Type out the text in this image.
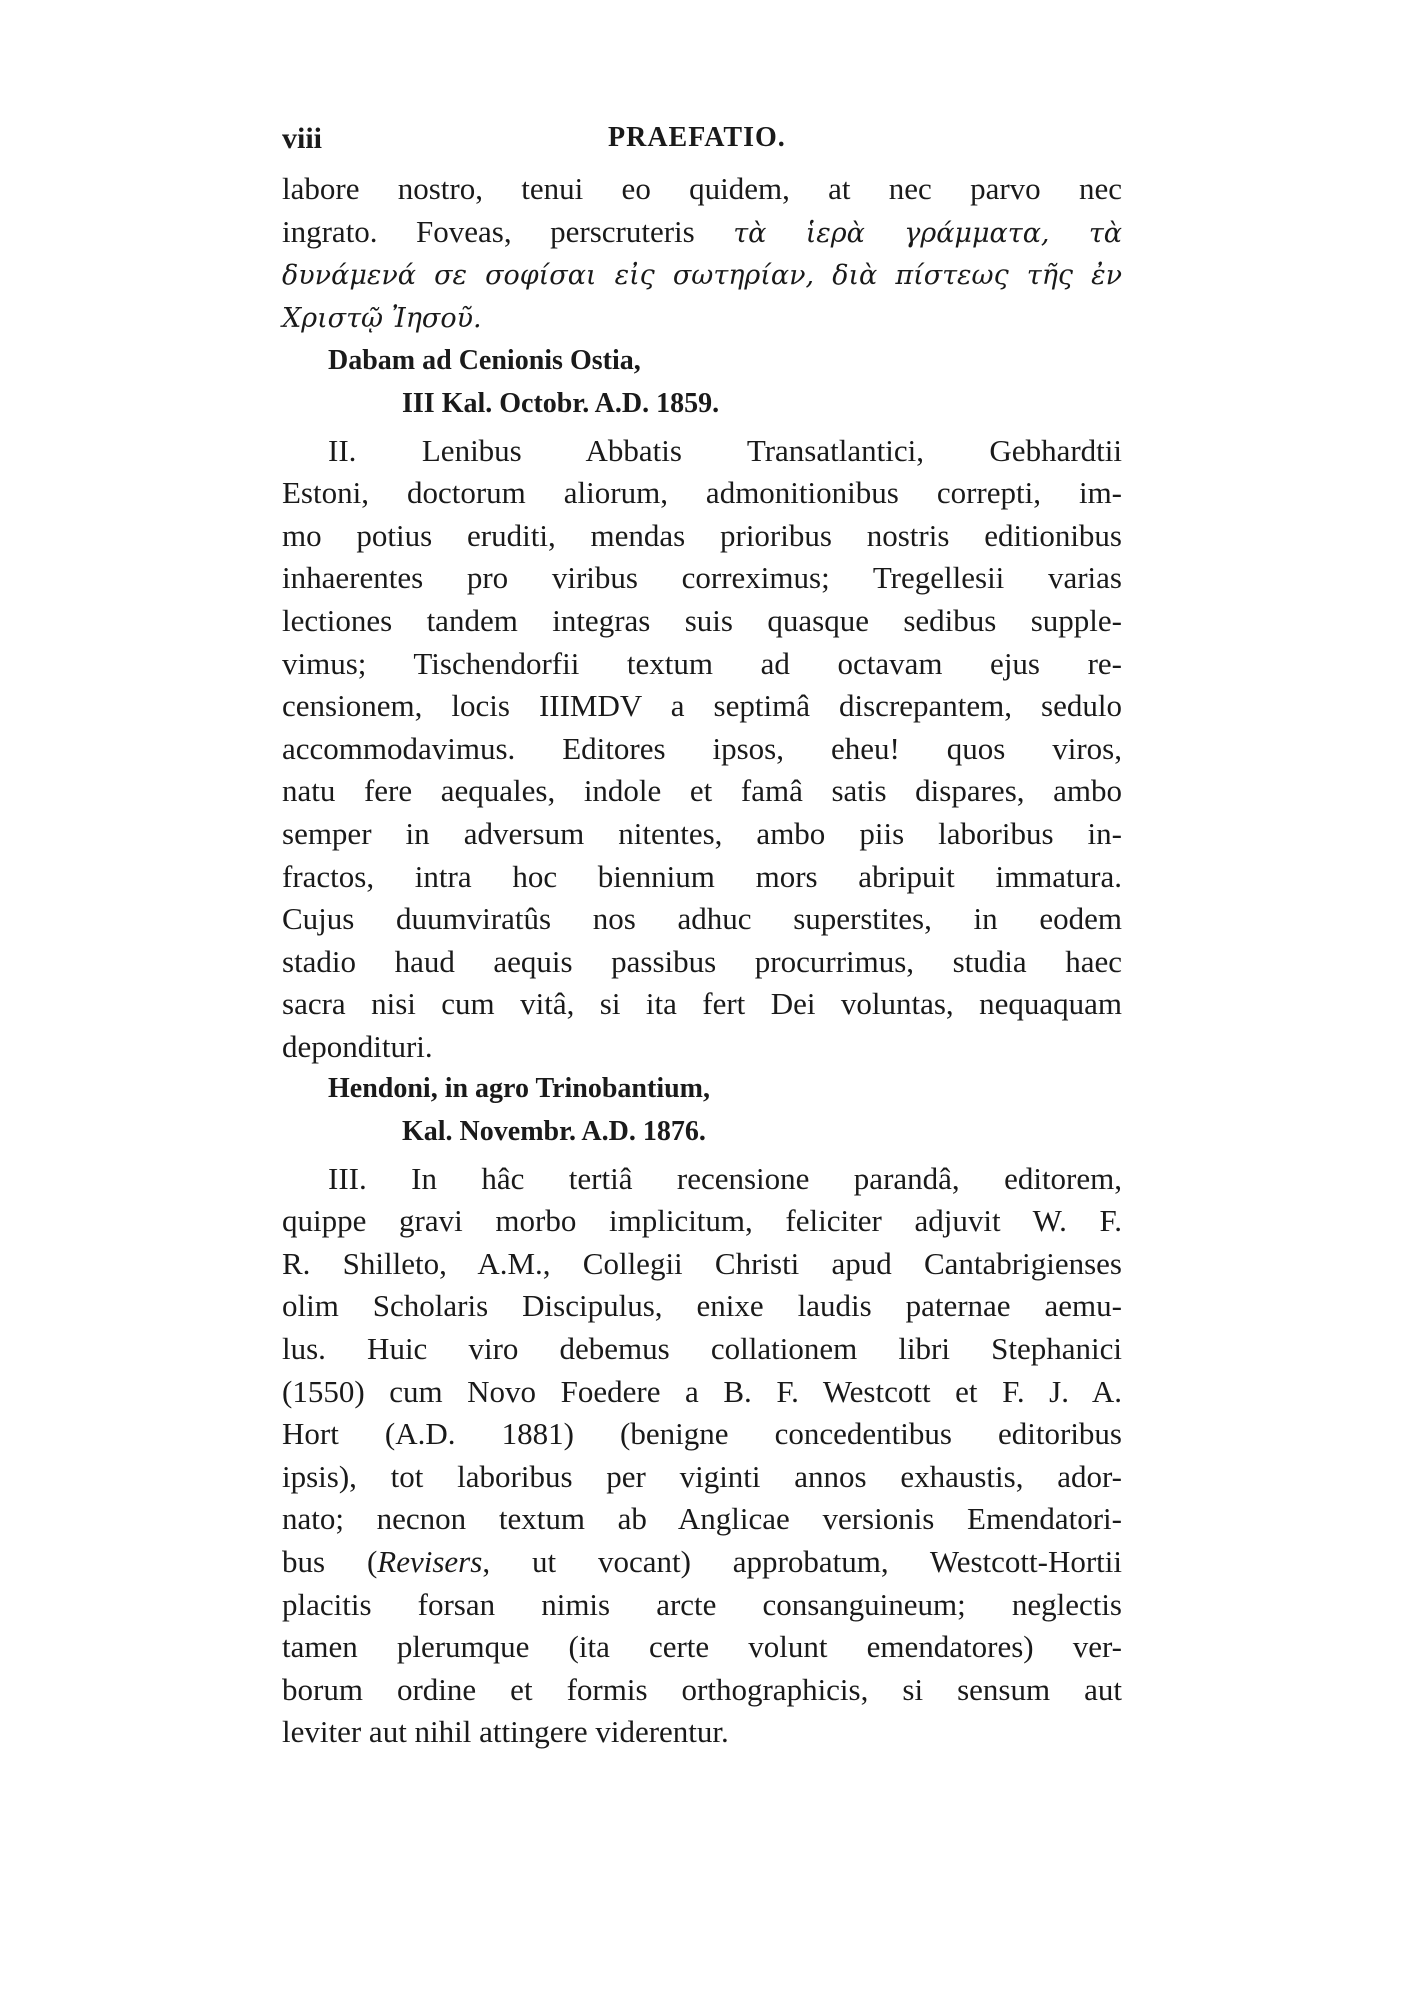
viii	PRAEFATIO.
labore nostro, tenui eo quidem, at nec parvo nec
ingrato. Foveas, perscruteris τὰ ἱερὰ γράμματα, τὰ
δυνάμενά σε σοφίσαι εἰς σωτηρίαν, διὰ πίστεως τῆς ἐν
Χριστῷ Ἰησοῦ.
Dabam ad Cenionis Ostia,
III Kal. Octobr. A.D. 1859.
II. Lenibus Abbatis Transatlantici, Gebhardtii
Estoni, doctorum aliorum, admonitionibus correpti, im-
mo potius eruditi, mendas prioribus nostris editionibus
inhaerentes pro viribus correximus; Tregellesii varias
lectiones tandem integras suis quasque sedibus supple-
vimus; Tischendorfii textum ad octavam ejus re-
censionem, locis IIIMDV a septimâ discrepantem, sedulo
accommodavimus. Editores ipsos, eheu! quos viros,
natu fere aequales, indole et famâ satis dispares, ambo
semper in adversum nitentes, ambo piis laboribus in-
fractos, intra hoc biennium mors abripuit immatura.
Cujus duumviratûs nos adhuc superstites, in eodem
stadio haud aequis passibus procurrimus, studia haec
sacra nisi cum vitâ, si ita fert Dei voluntas, nequaquam
depondituri.
Hendoni, in agro Trinobantium,
Kal. Novembr. A.D. 1876.
III. In hâc tertiâ recensione parandâ, editorem,
quippe gravi morbo implicitum, feliciter adjuvit W. F.
R. Shilleto, A.M., Collegii Christi apud Cantabrigienses
olim Scholaris Discipulus, enixe laudis paternae aemu-
lus. Huic viro debemus collationem libri Stephanici
(1550) cum Novo Foedere a B. F. Westcott et F. J. A.
Hort (A.D. 1881) (benigne concedentibus editoribus
ipsis), tot laboribus per viginti annos exhaustis, ador-
nato; necnon textum ab Anglicae versionis Emendatori-
bus (Revisers, ut vocant) approbatum, Westcott-Hortii
placitis forsan nimis arcte consanguineum; neglectis
tamen plerumque (ita certe volunt emendatores) ver-
borum ordine et formis orthographicis, si sensum aut
leviter aut nihil attingere viderentur.
